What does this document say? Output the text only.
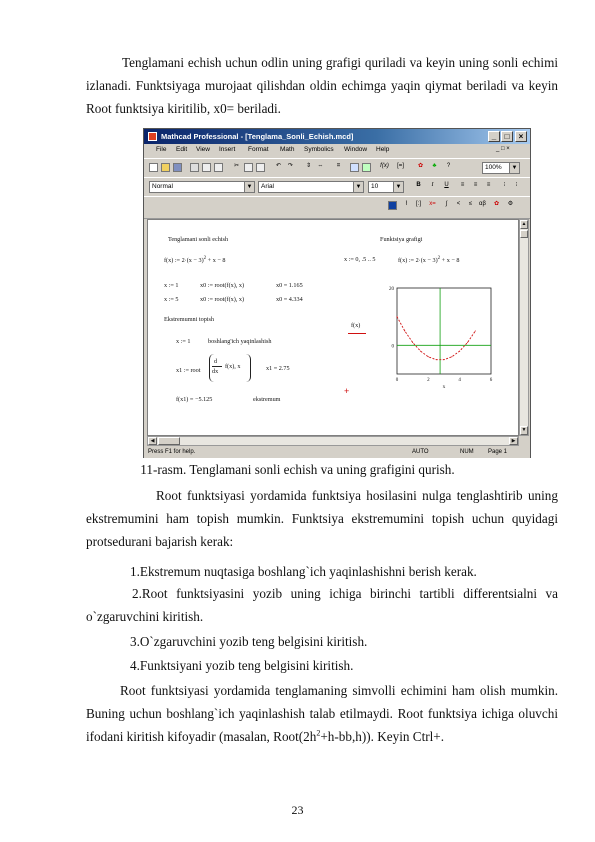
Tenglamani echish uchun odlin uning grafigi quriladi va keyin uning sonli echimi izlanadi. Funktsiyaga murojaat qilishdan oldin echimga yaqin qiymat beriladi va keyin Root funktsiya kiritilib, x0= beriladi.

Mathcad Professional - [Tenglama_Sonli_Echish.mcd]	_	□	×
File Edit View Insert Format Math Symbolics Window Help	_ □ ×
✂	↶	↷	⇕	⇔	=	f(x) [=]	✿	♣	?	100%	▼
Normal	▼	Arial	▼	10	▼	B	I	U	≡	≡	≡	⁝	⁝
⌇	[:]	x=	∫	<	≤	αβ	✿	⚙
Tenglamani sonli echish	Funktsiya grafigi
f(x) := $2\cdot(x - 3)^2 + x - 8$	x := 0, .5 .. 5	f(x) := $2\cdot(x - 3)^2 + x - 8$
x := 1	x0 := root(f(x), x)	x0 = 1.165
x := 5	x0 := root(f(x), x)	x0 = 4.334
Ekstremumni topish
x := 1	boshlang'ich yaqinlashish
x1 := root
d
dx
f(x), x	x1 = 2.75
f(x1) = −5.125	ekstremum
+
20
0
0	2	4	6
x
f(x)
▲
▼
◀	▶
Press F1 for help.	AUTO	NUM Page 1
11-rasm. Tenglamani sonli echish va uning grafigini qurish.

Root funktsiyasi yordamida funktsiya hosilasini nulga tenglashtirib uning ekstremumini ham topish mumkin. Funktsiya ekstremumini topish uchun quyidagi protsedurani bajarish kerak:

1.Ekstremum nuqtasiga boshlang`ich yaqinlashishni berish kerak.

2.Root funktsiyasini yozib uning ichiga birinchi tartibli differentsialni va o`zgaruvchini kiritish.

3.O`zgaruvchini yozib teng belgisini kiritish.
4.Funktsiyani yozib teng belgisini kiritish.

Root funktsiyasi yordamida tenglamaning simvolli echimini ham olish mumkin. Buning uchun boshlang`ich yaqinlashish talab etilmaydi. Root funktsiya ichiga oluvchi ifodani kiritish kifoyadir (masalan, $Root(2h^2+h-bb,h)$). Keyin Ctrl+.

23
